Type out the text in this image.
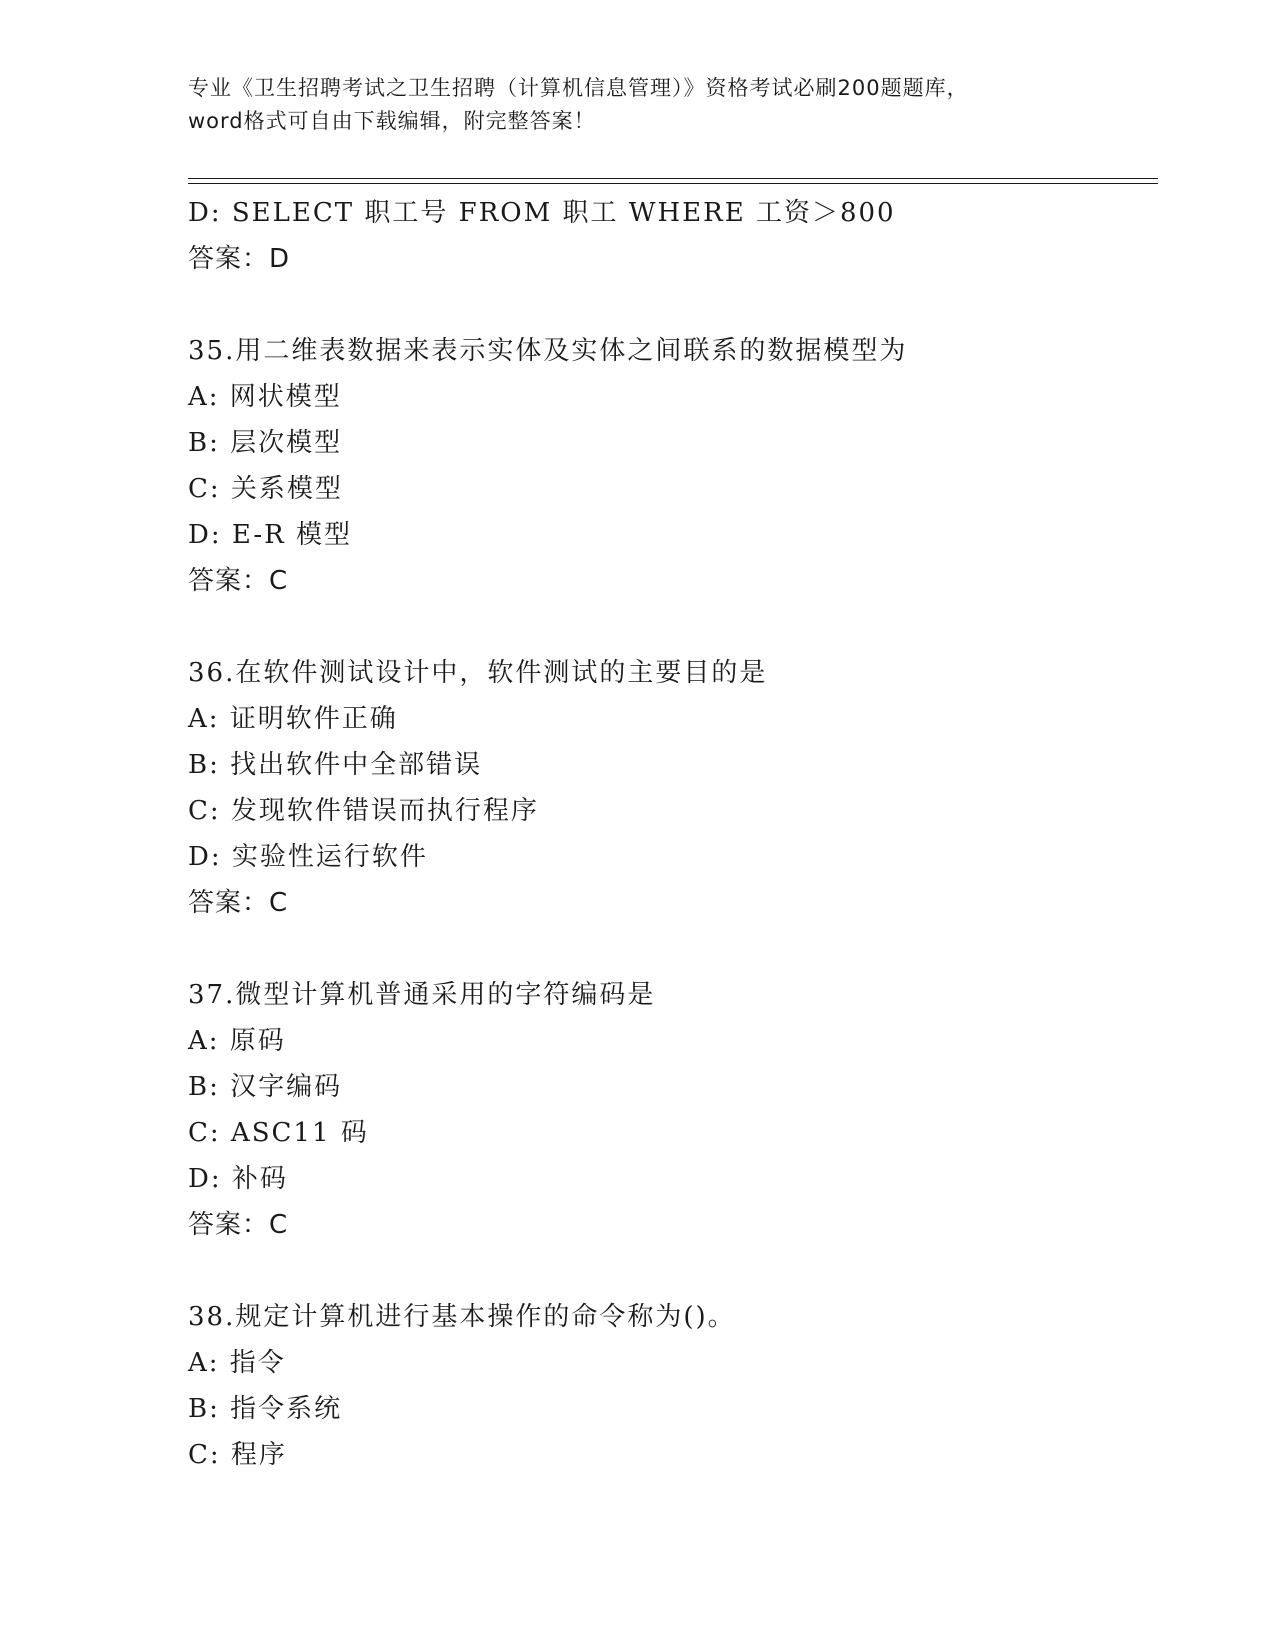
专业《卫生招聘考试之卫生招聘（计算机信息管理）》资格考试必刷200题题库，
word格式可自由下载编辑，附完整答案！
D: SELECT 职工号 FROM 职工 WHERE 工资＞800
答案：D
35.用二维表数据来表示实体及实体之间联系的数据模型为
A: 网状模型
B: 层次模型
C: 关系模型
D: E-R 模型
答案：C
36.在软件测试设计中，软件测试的主要目的是
A: 证明软件正确
B: 找出软件中全部错误
C: 发现软件错误而执行程序
D: 实验性运行软件
答案：C
37.微型计算机普通采用的字符编码是
A: 原码
B: 汉字编码
C: ASC11 码
D: 补码
答案：C
38.规定计算机进行基本操作的命令称为()。
A: 指令
B: 指令系统
C: 程序
